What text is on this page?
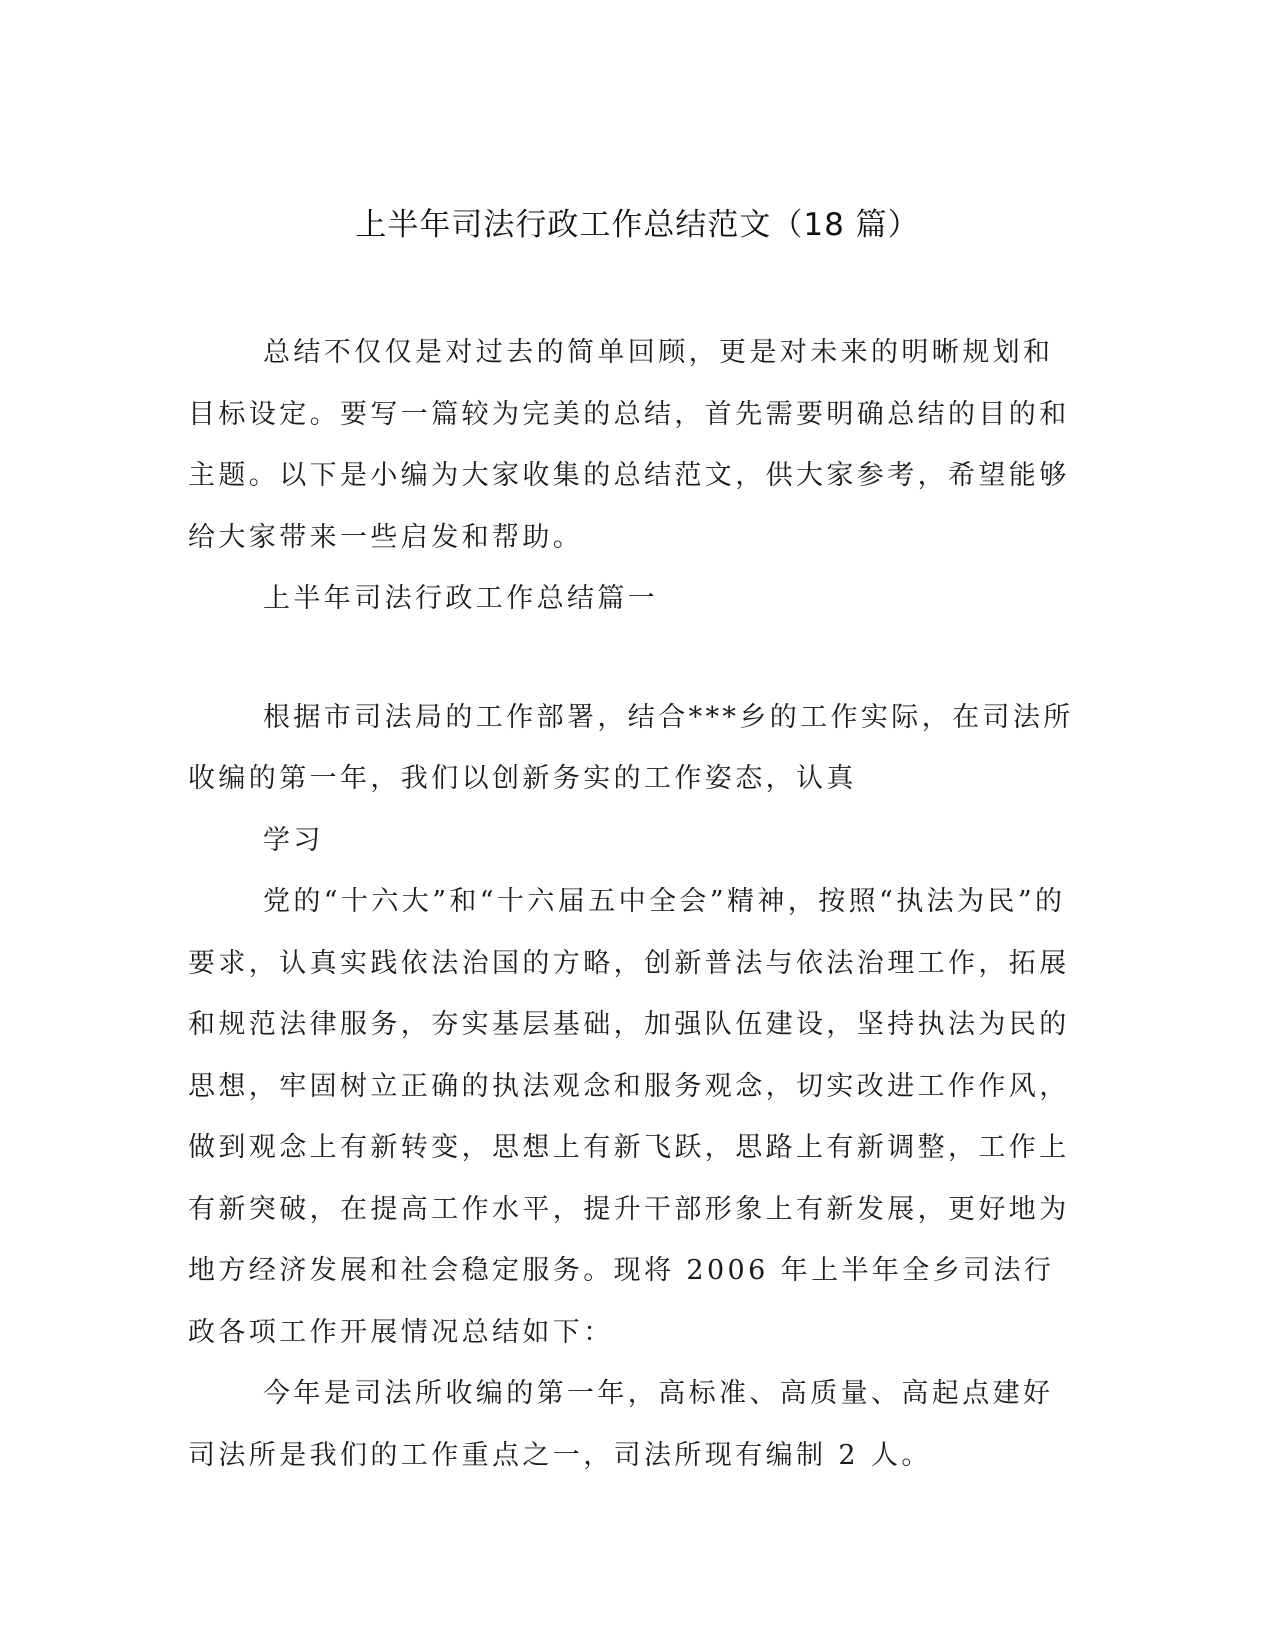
上半年司法行政工作总结范文（18 篇）

总结不仅仅是对过去的简单回顾，更是对未来的明晰规划和目标设定。要写一篇较为完美的总结，首先需要明确总结的目的和主题。以下是小编为大家收集的总结范文，供大家参考，希望能够给大家带来一些启发和帮助。

上半年司法行政工作总结篇一

根据市司法局的工作部署，结合***乡的工作实际，在司法所收编的第一年，我们以创新务实的工作姿态，认真

学习

党的“十六大”和“十六届五中全会”精神，按照“执法为民”的要求，认真实践依法治国的方略，创新普法与依法治理工作，拓展和规范法律服务，夯实基层基础，加强队伍建设，坚持执法为民的思想，牢固树立正确的执法观念和服务观念，切实改进工作作风，做到观念上有新转变，思想上有新飞跃，思路上有新调整，工作上有新突破，在提高工作水平，提升干部形象上有新发展，更好地为地方经济发展和社会稳定服务。现将 2006 年上半年全乡司法行政各项工作开展情况总结如下：

今年是司法所收编的第一年，高标准、高质量、高起点建好司法所是我们的工作重点之一，司法所现有编制 2 人。
